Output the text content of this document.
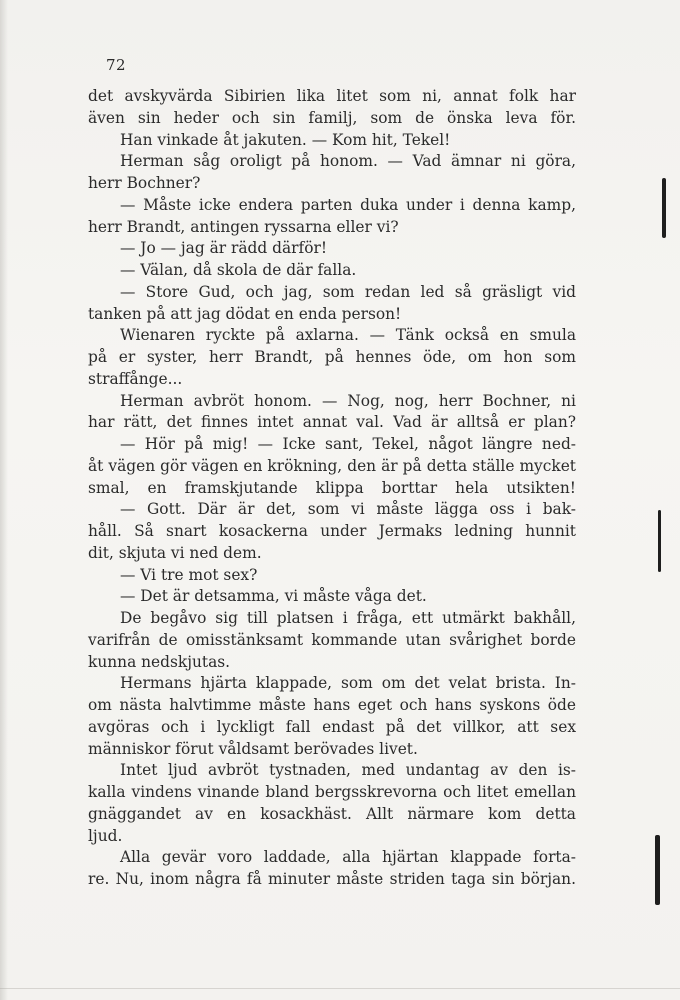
72
det avskyvärda Sibirien lika litet som ni, annat folk har
även sin heder och sin familj, som de önska leva för.
Han vinkade åt jakuten. — Kom hit, Tekel!
Herman såg oroligt på honom. — Vad ämnar ni göra,
herr Bochner?
— Måste icke endera parten duka under i denna kamp,
herr Brandt, antingen ryssarna eller vi?
— Jo — jag är rädd därför!
— Välan, då skola de där falla.
— Store Gud, och jag, som redan led så gräsligt vid
tanken på att jag dödat en enda person!
Wienaren ryckte på axlarna. — Tänk också en smula
på er syster, herr Brandt, på hennes öde, om hon som
straffånge...
Herman avbröt honom. — Nog, nog, herr Bochner, ni
har rätt, det finnes intet annat val. Vad är alltså er plan?
— Hör på mig! — Icke sant, Tekel, något längre ned-
åt vägen gör vägen en krökning, den är på detta ställe mycket
smal, en framskjutande klippa borttar hela utsikten!
— Gott. Där är det, som vi måste lägga oss i bak-
håll. Så snart kosackerna under Jermaks ledning hunnit
dit, skjuta vi ned dem.
— Vi tre mot sex?
— Det är detsamma, vi måste våga det.
De begåvo sig till platsen i fråga, ett utmärkt bakhåll,
varifrån de omisstänksamt kommande utan svårighet borde
kunna nedskjutas.
Hermans hjärta klappade, som om det velat brista. In-
om nästa halvtimme måste hans eget och hans syskons öde
avgöras och i lyckligt fall endast på det villkor, att sex
människor förut våldsamt berövades livet.
Intet ljud avbröt tystnaden, med undantag av den is-
kalla vindens vinande bland bergsskrevorna och litet emellan
gnäggandet av en kosackhäst. Allt närmare kom detta
ljud.
Alla gevär voro laddade, alla hjärtan klappade forta-
re. Nu, inom några få minuter måste striden taga sin början.
